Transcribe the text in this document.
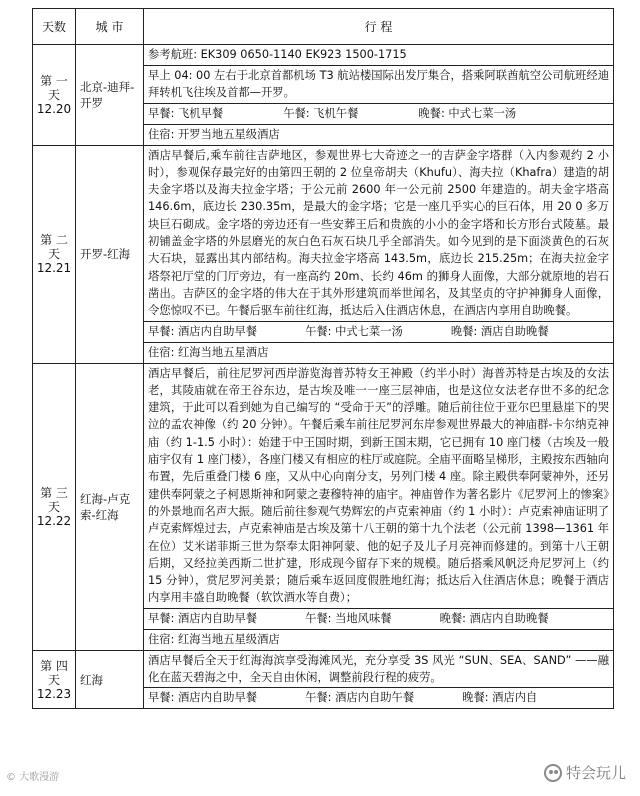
天数	城 市	行 程

第 一 天
12.20	北京-迪拜-开罗	参考航班: EK309 0650-1140 EK923 1500-1715
		早上 04: 00 左右于北京首都机场 T3 航站楼国际出发厅集合，搭乘阿联酋航空公司航班经迪拜转机飞往埃及首都—开罗。
		早餐: 飞机早餐 午餐: 飞机午餐 晚餐: 中式七菜一汤
		住宿: 开罗当地五星级酒店

第 二 天
12.21	开罗-红海	酒店早餐后,乘车前往吉萨地区，参观世界七大奇迹之一的吉萨金字塔群（入内参观约 2 小时），参观保存最完好的由第四王朝的 2 位皇帝胡夫（Khufu）、海夫拉（Khafra）建造的胡夫金字塔以及海夫拉金字塔；于公元前 2600 年一公元前 2500 年建造的。胡夫金字塔高 146.6m，底边长 230.35m，是最大的金字塔；它是一座几乎实心的巨石体，用 20 0 多万块巨石砌成。金字塔的旁边还有一些安葬王后和贵族的小小的金字塔和长方形台式陵墓。最初铺盖金字塔的外层磨光的灰白色石灰石块几乎全部消失。如今见到的是下面淡黄色的石灰大石块，显露出其内部结构。海夫拉金字塔高 143.5m，底边长 215.25m；在海夫拉金字塔祭祀厅堂的门厅旁边，有一座高约 20m、长约 46m 的狮身人面像，大部分就原地的岩石凿出。吉萨区的金字塔的伟大在于其外形建筑而举世闻名，及其坚贞的守护神狮身人面像，令您惊叹不已。午餐后驱车前往红海，抵达后入住酒店休息，在酒店内享用自助晚餐。
		早餐: 酒店内自助早餐 午餐: 中式七菜一汤 晚餐: 酒店自助晚餐
		住宿: 红海当地五星酒店

第 三 天
12.22	红海-卢克索-红海	酒店早餐后，前往尼罗河西岸游览海普苏特女王神殿（约半小时）海普苏特是古埃及的女法老，其陵庙就在帝王谷东边，是古埃及唯一一座三层神庙，也是这位女法老存世不多的纪念建筑，于此可以看到她为自己编写的 “受命于天”的浮雕。随后前往位于亚尔巴里悬崖下的哭泣的孟农神像（约 20 分钟）。午餐后乘车前往尼罗河东岸参观世界最大的神庙群-卡尔纳克神庙（约 1-1.5 小时）：始建于中王国时期，到新王国末期，它已拥有 10 座门楼（古埃及一般庙宇仅有 1 座门楼），各座门楼又有相应的柱厅或庭院。全庙平面略呈梯形，主殿按东西轴向布置，先后重叠门楼 6 座，又从中心向南分支，另列门楼 4 座。除主殿供奉阿蒙神外，还另建供奉阿蒙之子柯恩斯神和阿蒙之妻穆特神的庙宇。神庙曾作为著名影片《尼罗河上的惨案》的外景地而名声大振。随后前往参观气势辉宏的卢克索神庙（约 1 小时）：卢克索神庙证明了卢克索辉煌过去，卢克索神庙是古埃及第十八王朝的第十九个法老（公元前 1398—1361 年在位）艾米诺菲斯三世为祭奉太阳神阿蒙、他的妃子及儿子月亮神而修建的。到第十八王朝后期，又经拉美西斯二世扩建，形成现今留存下来的规模。随后搭乘风帆泛舟尼罗河上（约 15 分钟），赏尼罗河美景；随后乘车返回度假胜地红海；抵达后入住酒店休息；晚餐于酒店内享用丰盛自助晚餐（软饮酒水等自费）；
		早餐: 酒店内自助早餐 午餐: 当地风味餐 晚餐: 酒店内自助晚餐
		住宿: 红海当地五星级酒店

第 四 天
12.23	红海	酒店早餐后全天于红海海滨享受海滩风光，充分享受 3S 风光 “SUN、SEA、SAND” ——融化在蓝天碧海之中，全天自由休闲，调整前段行程的疲劳。
		早餐: 酒店内自助早餐 午餐: 酒店内自助午餐 晚餐: 酒店内自
© 大歌漫游	特会玩儿
